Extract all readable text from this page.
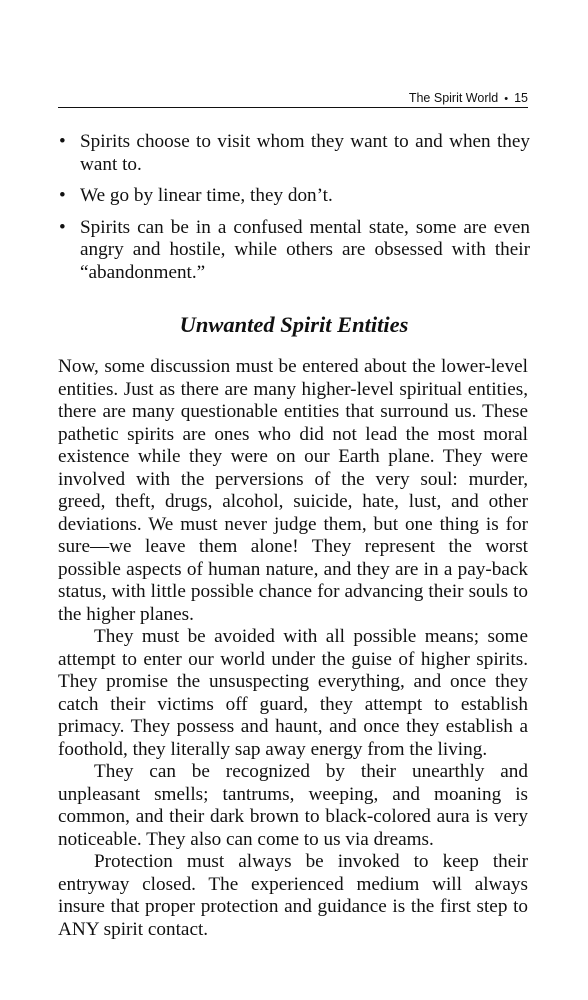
The Spirit World • 15
• Spirits choose to visit whom they want to and when they want to.
• We go by linear time, they don’t.
• Spirits can be in a confused mental state, some are even angry and hostile, while others are obsessed with their “abandonment.”
Unwanted Spirit Entities

Now, some discussion must be entered about the lower-level entities. Just as there are many higher-level spiritual entities, there are many questionable entities that surround us. These pathetic spirits are ones who did not lead the most moral existence while they were on our Earth plane. They were involved with the perversions of the very soul: murder, greed, theft, drugs, alcohol, suicide, hate, lust, and other deviations. We must never judge them, but one thing is for sure—we leave them alone! They represent the worst possible aspects of human nature, and they are in a pay-back status, with little possible chance for advancing their souls to the higher planes.

They must be avoided with all possible means; some attempt to enter our world under the guise of higher spirits. They promise the unsuspecting everything, and once they catch their victims off guard, they attempt to establish primacy. They possess and haunt, and once they establish a foothold, they literally sap away energy from the living.

They can be recognized by their unearthly and unpleasant smells; tantrums, weeping, and moaning is common, and their dark brown to black-colored aura is very noticeable. They also can come to us via dreams.

Protection must always be invoked to keep their entryway closed. The experienced medium will always insure that proper protection and guidance is the first step to ANY spirit contact.
